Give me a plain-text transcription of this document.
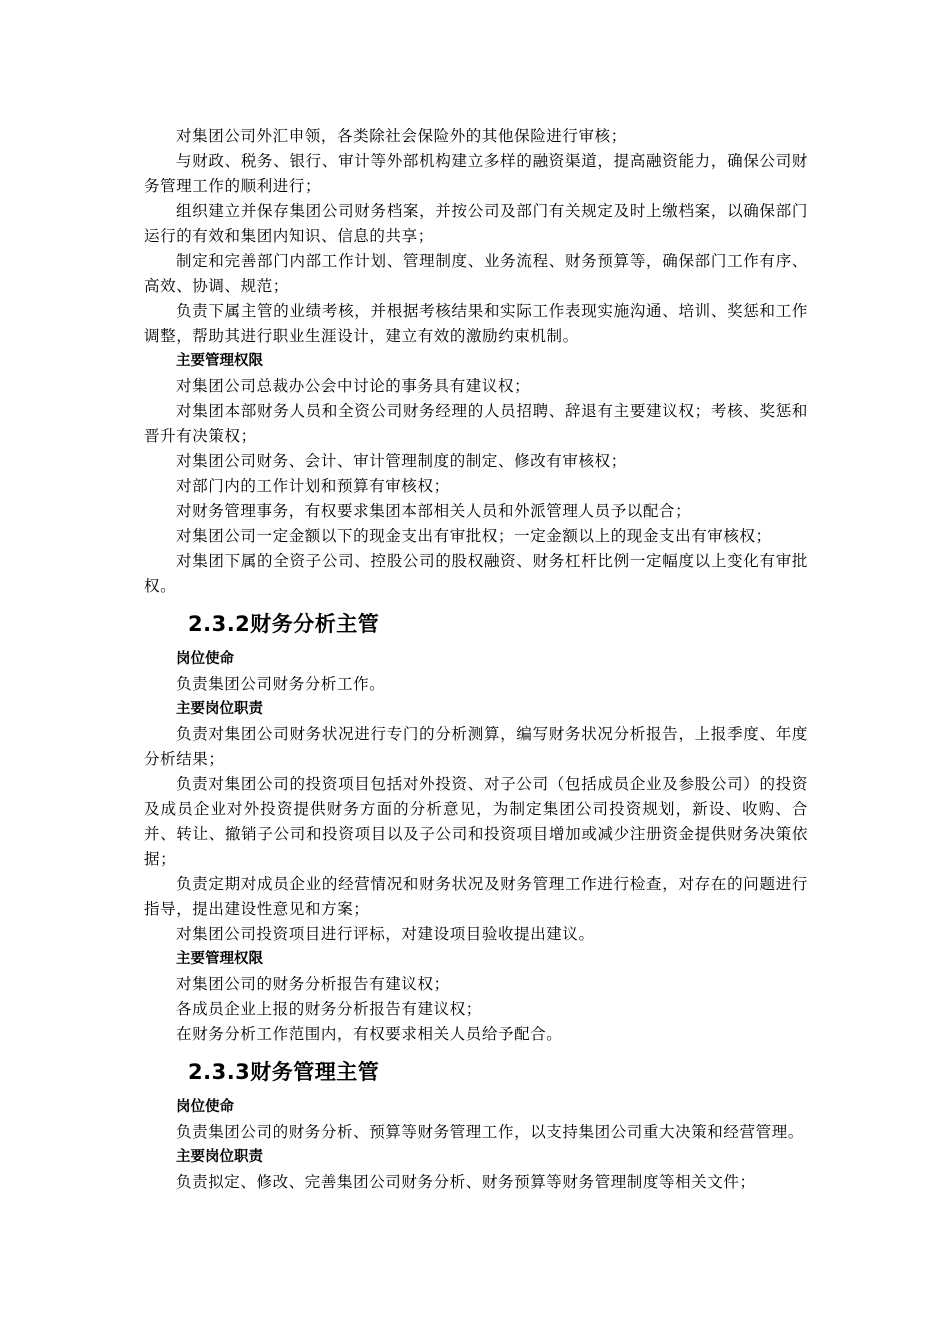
对集团公司外汇申领，各类除社会保险外的其他保险进行审核；

与财政、税务、银行、审计等外部机构建立多样的融资渠道，提高融资能力，确保公司财务管理工作的顺利进行；

组织建立并保存集团公司财务档案，并按公司及部门有关规定及时上缴档案，以确保部门运行的有效和集团内知识、信息的共享；

制定和完善部门内部工作计划、管理制度、业务流程、财务预算等，确保部门工作有序、高效、协调、规范；

负责下属主管的业绩考核，并根据考核结果和实际工作表现实施沟通、培训、奖惩和工作调整，帮助其进行职业生涯设计，建立有效的激励约束机制。

主要管理权限

对集团公司总裁办公会中讨论的事务具有建议权；

对集团本部财务人员和全资公司财务经理的人员招聘、辞退有主要建议权；考核、奖惩和晋升有决策权；

对集团公司财务、会计、审计管理制度的制定、修改有审核权；

对部门内的工作计划和预算有审核权；

对财务管理事务，有权要求集团本部相关人员和外派管理人员予以配合；

对集团公司一定金额以下的现金支出有审批权；一定金额以上的现金支出有审核权；

对集团下属的全资子公司、控股公司的股权融资、财务杠杆比例一定幅度以上变化有审批权。

2.3.2财务分析主管

岗位使命

负责集团公司财务分析工作。

主要岗位职责

负责对集团公司财务状况进行专门的分析测算，编写财务状况分析报告，上报季度、年度分析结果；

负责对集团公司的投资项目包括对外投资、对子公司（包括成员企业及参股公司）的投资及成员企业对外投资提供财务方面的分析意见，为制定集团公司投资规划，新设、收购、合并、转让、撤销子公司和投资项目以及子公司和投资项目增加或减少注册资金提供财务决策依据；

负责定期对成员企业的经营情况和财务状况及财务管理工作进行检查，对存在的问题进行指导，提出建设性意见和方案；

对集团公司投资项目进行评标，对建设项目验收提出建议。

主要管理权限

对集团公司的财务分析报告有建议权；

各成员企业上报的财务分析报告有建议权；

在财务分析工作范围内，有权要求相关人员给予配合。

2.3.3财务管理主管

岗位使命

负责集团公司的财务分析、预算等财务管理工作，以支持集团公司重大决策和经营管理。

主要岗位职责

负责拟定、修改、完善集团公司财务分析、财务预算等财务管理制度等相关文件；
